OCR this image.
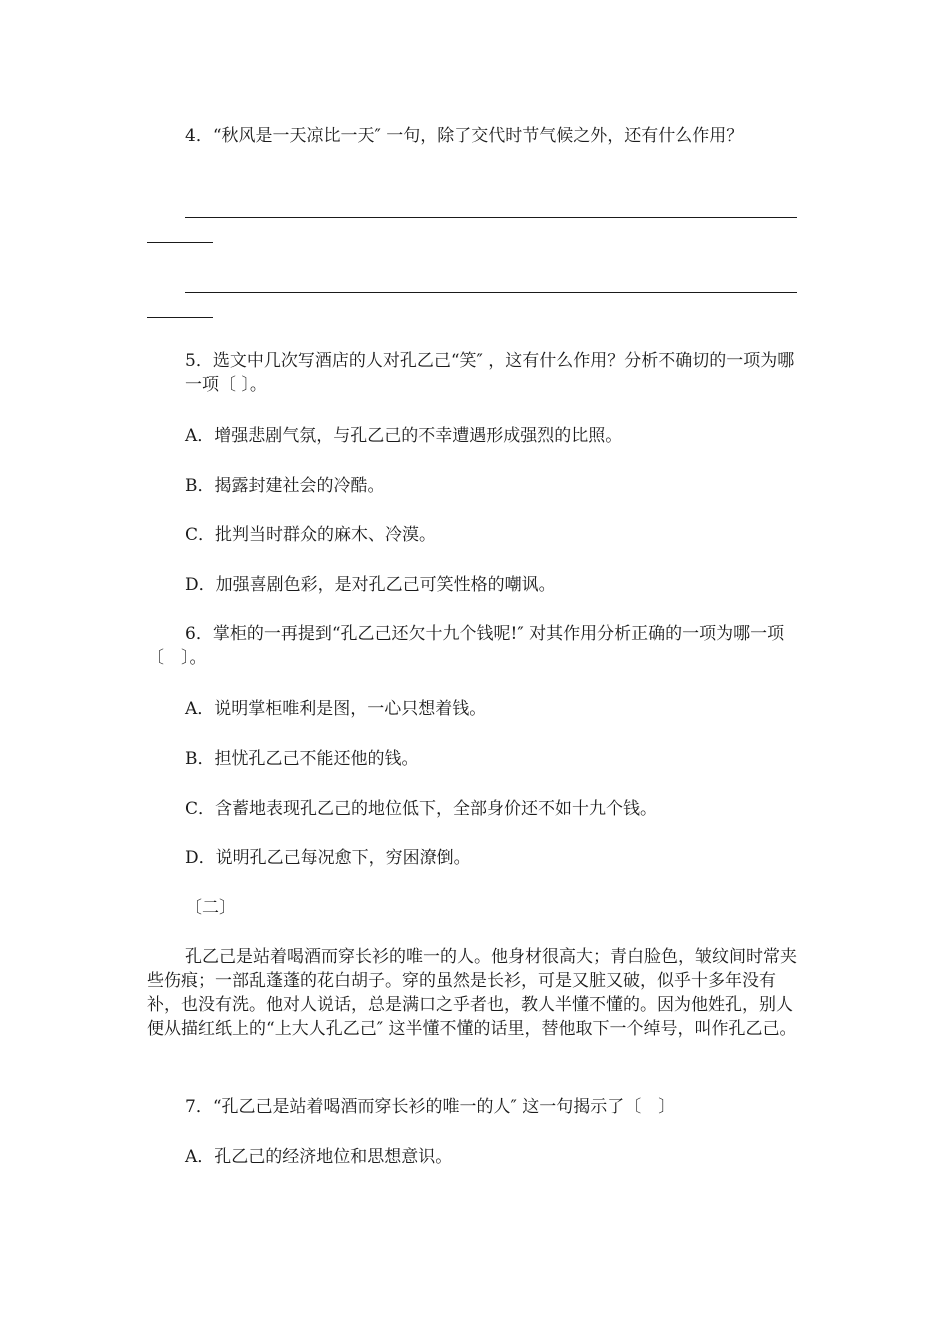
4．“秋风是一天凉比一天″ 一句，除了交代时节气候之外，还有什么作用？

5．选文中几次写酒店的人对孔乙己“笑″ ，这有什么作用？分析不确切的一项为哪一项〔 〕。

A．增强悲剧气氛，与孔乙己的不幸遭遇形成强烈的比照。

B．揭露封建社会的冷酷。

C．批判当时群众的麻木、冷漠。

D．加强喜剧色彩，是对孔乙己可笑性格的嘲讽。

6．掌柜的一再提到“孔乙己还欠十九个钱呢!″ 对其作用分析正确的一项为哪一项〔　〕。

A．说明掌柜唯利是图，一心只想着钱。

B．担忧孔乙己不能还他的钱。

C．含蓄地表现孔乙己的地位低下，全部身价还不如十九个钱。

D．说明孔乙己每况愈下，穷困潦倒。

〔二〕

孔乙己是站着喝酒而穿长衫的唯一的人。他身材很高大；青白脸色，皱纹间时常夹些伤痕；一部乱蓬蓬的花白胡子。穿的虽然是长衫，可是又脏又破，似乎十多年没有补，也没有洗。他对人说话，总是满口之乎者也，教人半懂不懂的。因为他姓孔，别人便从描红纸上的“上大人孔乙己″ 这半懂不懂的话里，替他取下一个绰号，叫作孔乙己。

7．“孔乙己是站着喝酒而穿长衫的唯一的人″ 这一句揭示了〔　〕

A．孔乙己的经济地位和思想意识。
